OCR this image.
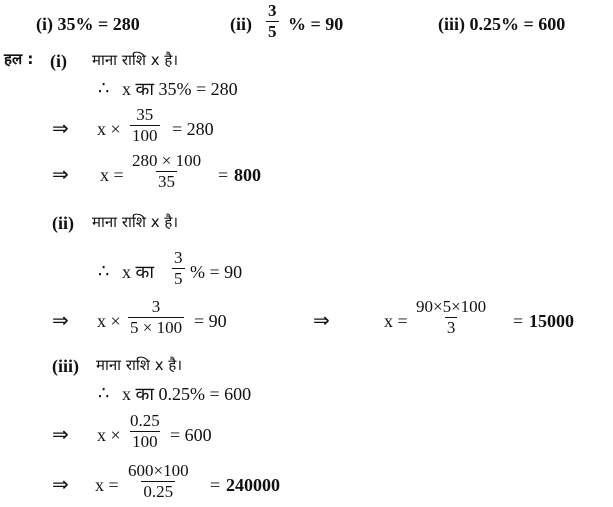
(i) 35% = 280	$(ii) \frac{3}{5}$ % = 90	(iii) 0.25% = 600
हल : (i) माना राशि x है।
∴ x का 35% = 280
⇒ $x \times \frac{35}{100} = 280$
⇒ $x = \frac{280 \times 100}{35} = 800$
(ii) माना राशि x है।
∴ x का $\frac{3}{5}$ % = 90
⇒ $x \times \frac{3}{5 \times 100} = 90$	⇒	$x = \frac{90\times 5\times 100}{3} = 15000$
(iii) माना राशि x है।
∴ x का 0.25% = 600
⇒ $x \times \frac{0.25}{100} = 600$
⇒ $x = \frac{600\times 100}{0.25} = 240000$
